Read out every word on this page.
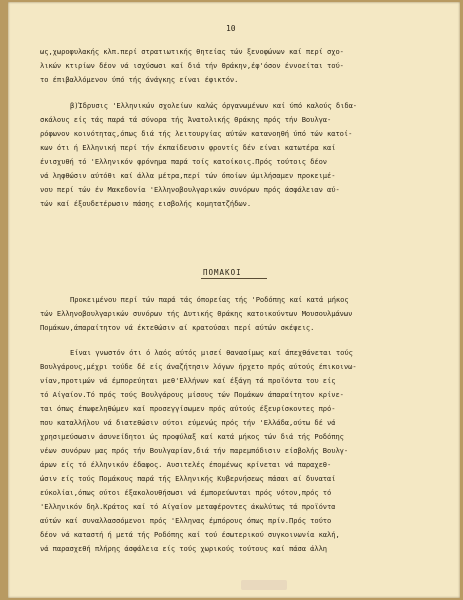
10
ως,χωροφυλακής κλπ.περί στρατιωτικής θητείας τών ξενοφώνων καί περί σχο-
λικών κτιρίων δέον νά ισχύσωσι καί διά τήν Θράκην,έφ'όσον έννοείται τού-
το έπιβαλλόμενον ύπό τής άνάγκης είναι έφικτόν.
β)Ίδρυσις 'Ελληνικών σχολείων καλώς όργανωμένων καί ύπό καλούς διδα-
σκάλους είς τάς παρά τά σύνορα τής Άνατολικής Θράκης πρός τήν Βουλγα-
ρόφωνον κοινότητας,όπως διά τής λειτουργίας αύτών κατανοηθή ύπό τών κατοί-
κων ότι ή Ελληνική περί τήν έκπαίδευσιν φροντίς δέν είναι κατωτέρα καί
ένισχυθή τό 'Ελληνικόν φρόνημα παρά τοίς κατοίκοις.Πρός τούτοις δέον
νά ληφθώσιν αύτόθι καί άλλα μέτρα,περί τών όποίων ώμιλήσαμεν προκειμέ-
νου περί τών έν Μακεδονία 'Ελληνοβουλγαρικών συνόρων πρός άσφάλειαν αύ-
τών καί έξουδετέρωσιν πάσης εισβολής κομητατζήδων.
ΠΟΜΑΚΟΙ
Προκειμένου περί τών παρά τάς όπορείας τής 'Ροδόπης καί κατά μήκος
τών Ελληνοβουλγαρικών συνόρων τής Δυτικής Θράκης κατοικούντων Μουσουλμάνων
Πομάκων,άπαραίτητον νά έκτεθώσιν αί κρατούσαι περί αύτών σκέψεις.
Είναι γνωστόν ότι ό λαός αύτός μισεί θανασίμως καί άπεχθάνεται τούς
Βουλγάρους,μέχρι τούδε δέ είς άναζήτησιν λόγων ήρχετο πρός αύτούς έπικοινω-
νίαν,προτιμών νά έμπορεύηται μεθ'Ελλήνων καί έξάγη τά προϊόντα του είς
τό Αίγαίον.Τό πρός τούς Βουλγάρους μίσους τών Πομάκων άπαραίτητον κρίνε-
ται όπως έπωφεληθώμεν καί προσεγγίσωμεν πρός αύτούς έξευρίσκοντες πρό-
που καταλλήλου νά διατεθώσιν ούτοι εύμενώς πρός τήν 'Ελλάδα,ούτω δέ νά
χρησιμεύσωσιν άσυνείδητοι ώς προφύλαξ καί κατά μήκος τών διά τής Ροδόπης
νέων συνόρων μας πρός τήν Βουλγαρίαν,διά τήν παρεμπόδισιν είσβολής Βουλγ-
άρων είς τό έλληνικόν έδαφος. Αυσιτελές έπομένως κρίνεται νά παραχεθ-
ώσιν είς τούς Πομάκους παρά τής Ελληνικής Κυβερνήσεως πάσαι αί δυναταί
εύκολίαι,όπως ούτοι έξακολουθήσωσι νά έμπορεύωνται πρός νότον,πρός τό
'Ελληνικόν δηλ.Κράτος καί τό Αίγαίον μεταφέροντες άκωλύτως τά προϊόντα
αύτών καί συναλλασσόμενοι πρός 'Ελληνας έμπόρους όπως πρίν.Πρός τούτο
δέον νά καταστή ή μετά τής Ροδόπης καί τού έσωτερικού συγκοινωνία καλή,
νά παρασχεθή πλήρης άσφάλεια είς τούς χωρικούς τούτους καί πάσα άλλη
